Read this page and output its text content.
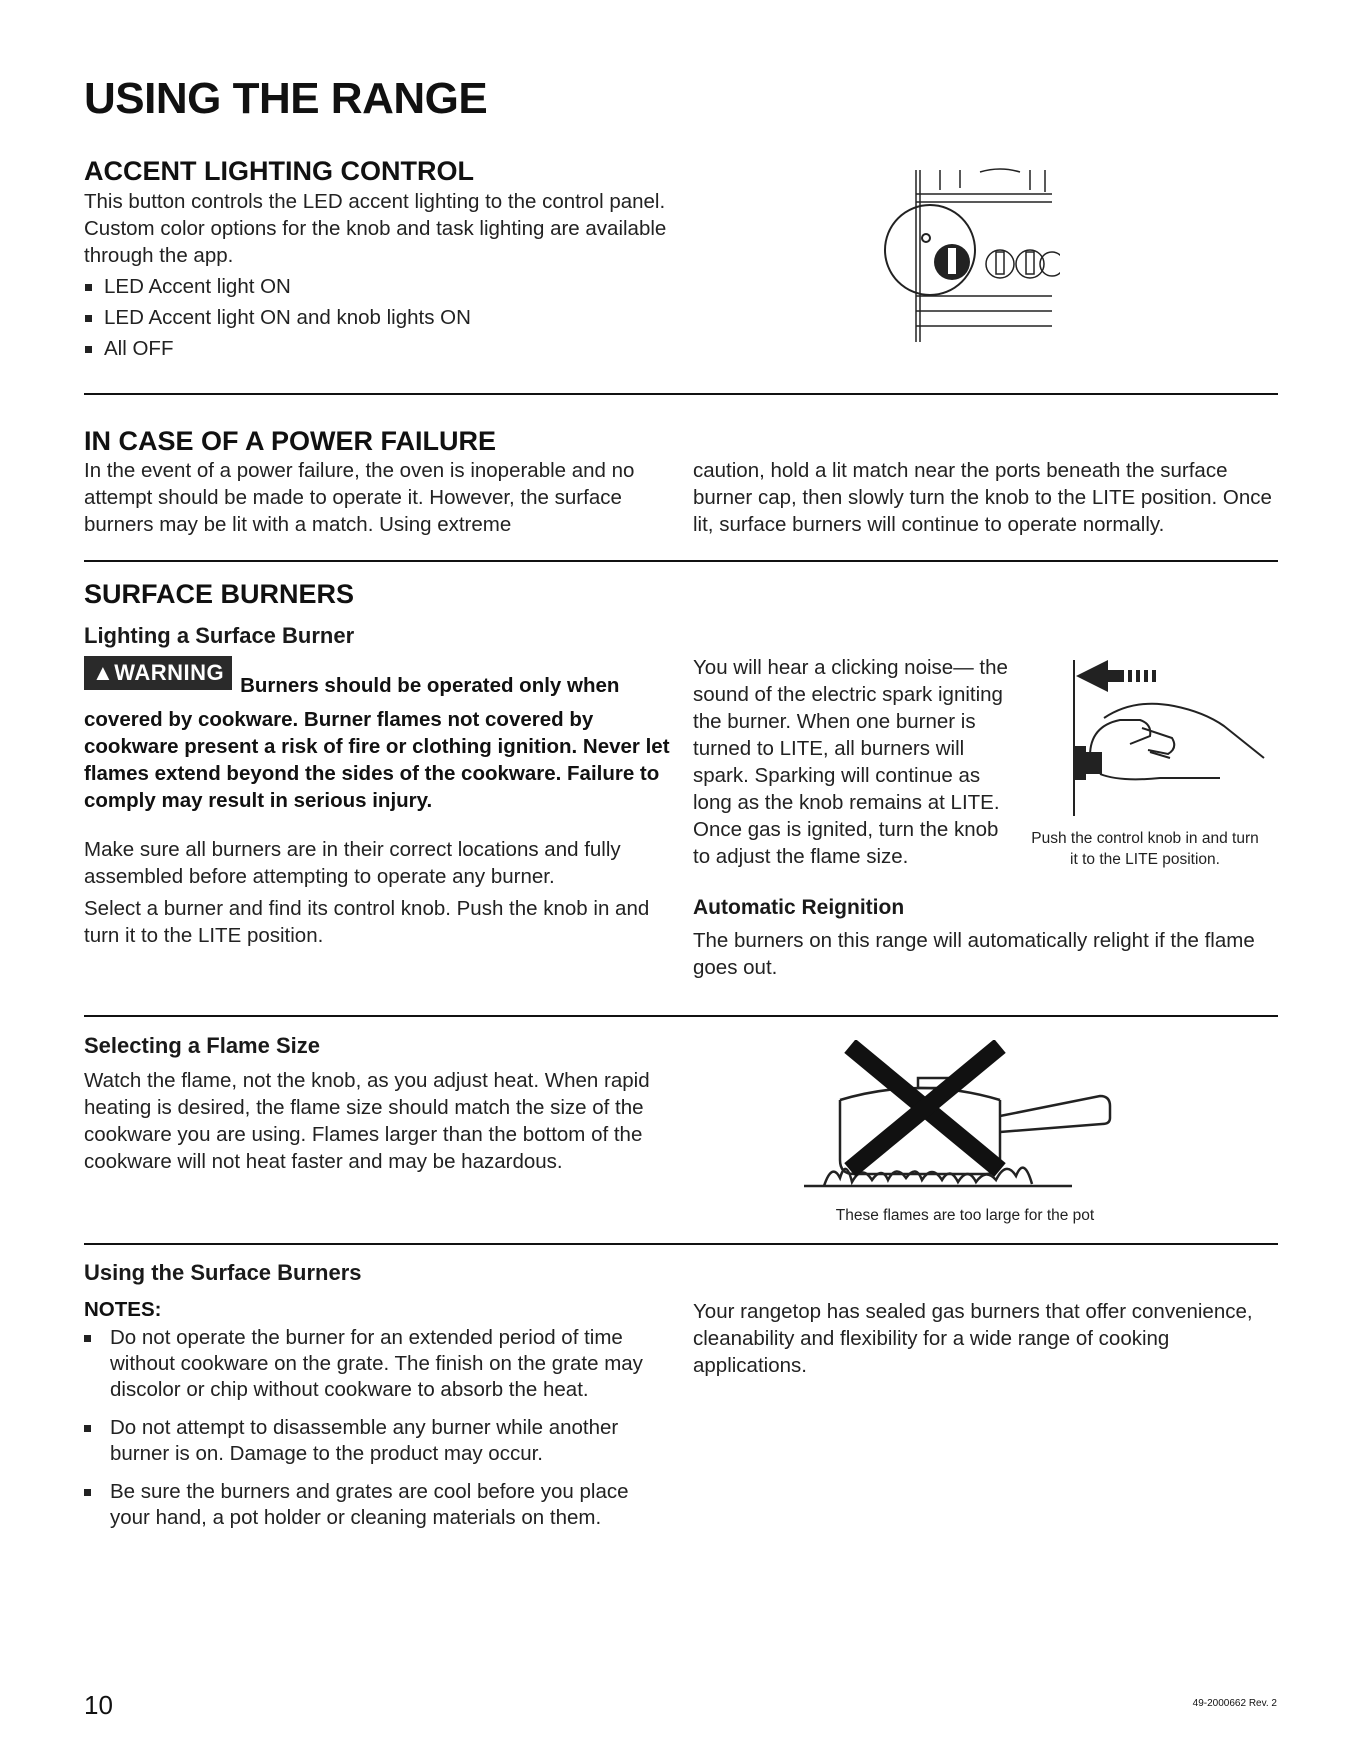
USING THE RANGE
ACCENT LIGHTING CONTROL
This button controls the LED accent lighting to the control panel. Custom color options for the knob and task lighting are available through the app.
LED Accent light ON
LED Accent light ON and knob lights ON
All OFF
IN CASE OF A POWER FAILURE
In the event of a power failure, the oven is inoperable and no attempt should be made to operate it. However, the surface burners may be lit with a match. Using extreme
caution, hold a lit match near the ports beneath the surface burner cap, then slowly turn the knob to the LITE position. Once lit, surface burners will continue to operate normally.
SURFACE BURNERS
Lighting a Surface Burner
▲WARNINGBurners should be operated only when covered by cookware. Burner flames not covered by cookware present a risk of fire or clothing ignition. Never let flames extend beyond the sides of the cookware. Failure to comply may result in serious injury.
Make sure all burners are in their correct locations and fully assembled before attempting to operate any burner.
Select a burner and find its control knob. Push the knob in and turn it to the LITE position.
You will hear a clicking noise— the sound of the electric spark igniting the burner. When one burner is turned to LITE, all burners will spark. Sparking will continue as long as the knob remains at LITE. Once gas is ignited, turn the knob to adjust the flame size.
Push the control knob in and turn it to the LITE position.
Automatic Reignition
The burners on this range will automatically relight if the flame goes out.
Selecting a Flame Size
Watch the flame, not the knob, as you adjust heat. When rapid heating is desired, the flame size should match the size of the cookware you are using. Flames larger than the bottom of the cookware will not heat faster and may be hazardous.
These flames are too large for the pot
Using the Surface Burners
NOTES:
Do not operate the burner for an extended period of time without cookware on the grate. The finish on the grate may discolor or chip without cookware to absorb the heat.
Do not attempt to disassemble any burner while another burner is on. Damage to the product may occur.
Be sure the burners and grates are cool before you place your hand, a pot holder or cleaning materials on them.
Your rangetop has sealed gas burners that offer convenience, cleanability and flexibility for a wide range of cooking applications.
10	49-2000662 Rev. 2
